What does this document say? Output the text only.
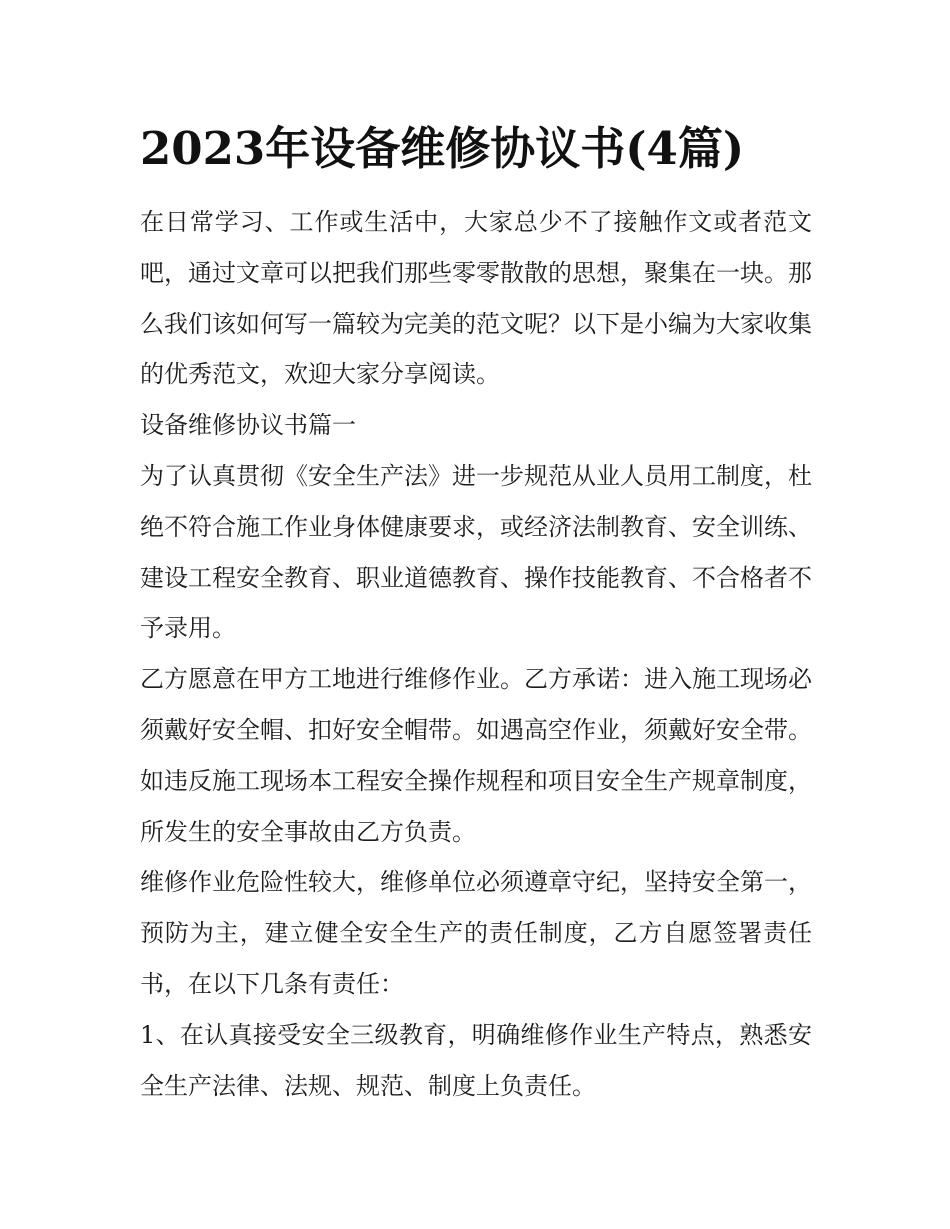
2023年设备维修协议书(4篇)

在日常学习、工作或生活中，大家总少不了接触作文或者范文吧，通过文章可以把我们那些零零散散的思想，聚集在一块。那么我们该如何写一篇较为完美的范文呢？以下是小编为大家收集的优秀范文，欢迎大家分享阅读。

设备维修协议书篇一

为了认真贯彻《安全生产法》进一步规范从业人员用工制度，杜绝不符合施工作业身体健康要求，或经济法制教育、安全训练、建设工程安全教育、职业道德教育、操作技能教育、不合格者不予录用。

乙方愿意在甲方工地进行维修作业。乙方承诺：进入施工现场必须戴好安全帽、扣好安全帽带。如遇高空作业，须戴好安全带。如违反施工现场本工程安全操作规程和项目安全生产规章制度，所发生的安全事故由乙方负责。

维修作业危险性较大，维修单位必须遵章守纪，坚持安全第一，预防为主，建立健全安全生产的责任制度，乙方自愿签署责任书，在以下几条有责任：

1、在认真接受安全三级教育，明确维修作业生产特点，熟悉安全生产法律、法规、规范、制度上负责任。
